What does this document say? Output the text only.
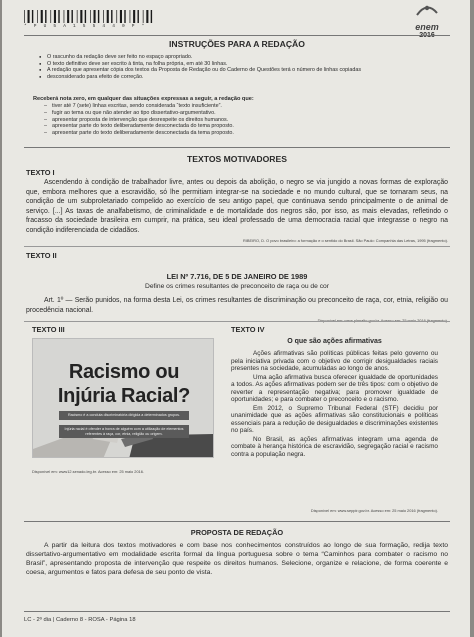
* P U 5 A 1 5 5 4 4 0 P *	enem
INSTRUÇÕES PARA A REDAÇÃO
● O rascunho da redação deve ser feito no espaço apropriado.
● O texto definitivo deve ser escrito à tinta, na folha própria, em até 30 linhas.
● A redação que apresentar cópia dos textos da Proposta de Redação ou do Caderno de Questões terá o número de linhas copiadas
● desconsiderado para efeito de correção.
Receberá nota zero, em qualquer das situações expressas a seguir, a redação que:
– tiver até 7 (sete) linhas escritas, sendo considerada “texto insuficiente”.
– fugir ao tema ou que não atender ao tipo dissertativo-argumentativo.
– apresentar proposta de intervenção que desrespeite os direitos humanos.
– apresentar parte do texto deliberadamente desconectada do tema proposto.
– apresentar parte do texto deliberadamente desconectada da tema proposto.
TEXTOS MOTIVADORES
TEXTO I
Ascendendo à condição de trabalhador livre, antes ou depois da abolição, o negro se via jungido a novas formas de exploração que, embora melhores que a escravidão, só lhe permitiam integrar-se na sociedade e no mundo cultural, que se tornaram seus, na condição de um subproletariado compelido ao exercício de seu antigo papel, que continuava sendo principalmente o de animal de serviço. [...] As taxas de analfabetismo, de criminalidade e de mortalidade dos negros são, por isso, as mais elevadas, refletindo o fracasso da sociedade brasileira em cumprir, na prática, seu ideal professado de uma democracia racial que integrasse o negro na condição indiferenciada de cidadãos.
RIBEIRO, D. O povo brasileiro: a formação e o sentido do Brasil. São Paulo: Companhia das Letras, 1995 (fragmento).
TEXTO II
LEI Nº 7.716, DE 5 DE JANEIRO DE 1989
Define os crimes resultantes de preconceito de raça ou de cor
Art. 1º — Serão punidos, na forma desta Lei, os crimes resultantes de discriminação ou preconceito de raça, cor, etnia, religião ou procedência nacional.
TEXTO III	TEXTO IV
Racismo ou
Injúria Racial?
Racismo é a conduta discriminatória dirigida a determinados grupos.
Injúria racial é ofender a honra de alguém com a utilização de elementos referentes à raça, cor, etnia, religião ou origem.
Disponível em: www12.senado.leg.br. Acesso em: 25 maio 2016.
O que são ações afirmativas

Ações afirmativas são políticas públicas feitas pelo governo ou pela iniciativa privada com o objetivo de corrigir desigualdades raciais presentes na sociedade, acumuladas ao longo de anos.

Uma ação afirmativa busca oferecer igualdade de oportunidades a todos. As ações afirmativas podem ser de três tipos: com o objetivo de reverter a representação negativa; para promover igualdade de oportunidades; e para combater o preconceito e o racismo.

Em 2012, o Supremo Tribunal Federal (STF) decidiu por unanimidade que as ações afirmativas são constitucionais e políticas essenciais para a redução de desigualdades e discriminações existentes no país.

No Brasil, as ações afirmativas integram uma agenda de combate à herança histórica de escravidão, segregação racial e racismo contra a população negra.

Disponível em: www.seppir.gov.br. Acesso em: 25 maio 2016 (fragmento).
PROPOSTA DE REDAÇÃO
A partir da leitura dos textos motivadores e com base nos conhecimentos construídos ao longo de sua formação, redija texto dissertativo-argumentativo em modalidade escrita formal da língua portuguesa sobre o tema “Caminhos para combater o racismo no Brasil”, apresentando proposta de intervenção que respeite os direitos humanos. Selecione, organize e relacione, de forma coerente e coesa, argumentos e fatos para defesa de seu ponto de vista.
LC - 2º dia | Caderno 8 - ROSA - Página 18
